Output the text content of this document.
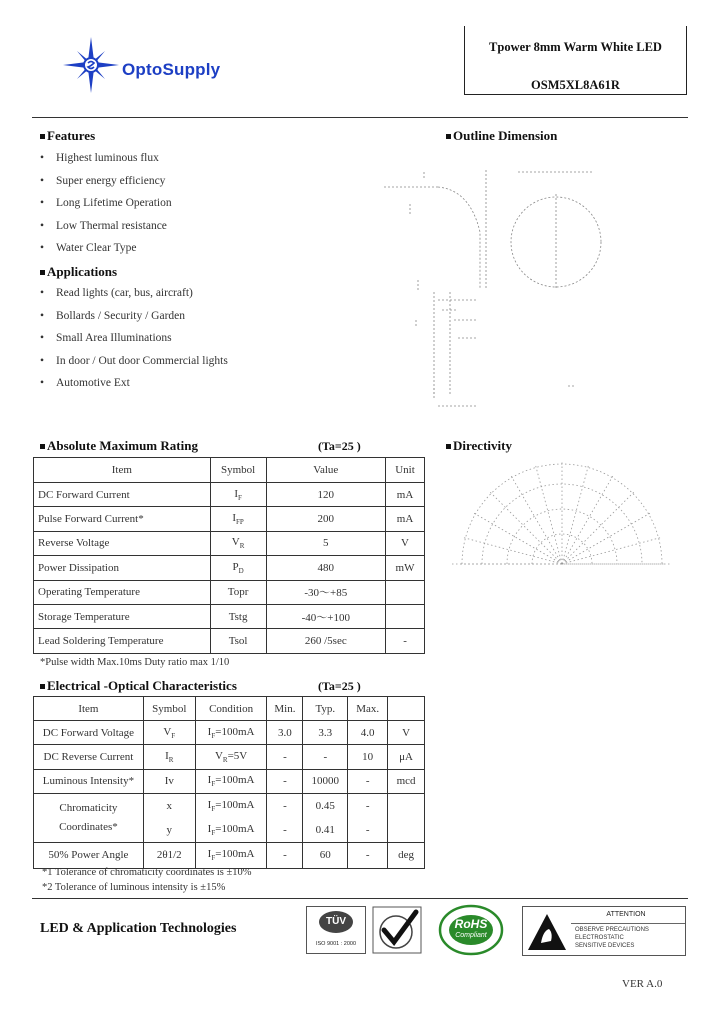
OptoSupply
Tpower 8mm Warm White LED
OSM5XL8A61R
Features
• Highest luminous flux
• Super energy efficiency
• Long Lifetime Operation
• Low Thermal resistance
• Water Clear Type
Applications
• Read lights (car, bus, aircraft)
• Bollards / Security / Garden
• Small Area Illuminations
• In door / Out door Commercial lights
• Automotive Ext
Outline Dimension
Directivity
Absolute Maximum Rating	(Ta=25 )
Item	Symbol	Value	Unit
DC Forward Current	$I_F$	120	mA
Pulse Forward Current*	$I_{FP}$	200	mA
Reverse Voltage	$V_R$	5	V
Power Dissipation	$P_D$	480	mW
Operating Temperature	Topr	-30～+85	
Storage Temperature	Tstg	-40～+100	
Lead Soldering Temperature	Tsol	260 /5sec	-
*Pulse width Max.10ms Duty ratio max 1/10
Electrical -Optical Characteristics	(Ta=25 )
Item	Symbol	Condition	Min.	Typ.	Max.	
DC Forward Voltage	$V_F$	$I_F=100mA$	3.0	3.3	4.0	V
DC Reverse Current	$I_R$	$V_R=5V$	-	-	10	μA
Luminous Intensity*	Iv	$I_F=100mA$	-	10000	-	mcd

Chromaticity
Coordinates*	x	$I_F=100mA$	-	0.45	-	
	y	$I_F=100mA$	-	0.41	-	
50% Power Angle	2θ1/2	$I_F=100mA$	-	60	-	deg
*1 Tolerance of chromaticity coordinates is ±10%
*2 Tolerance of luminous intensity is ±15%
LED & Application Technologies	TÜV
ISO 9001 : 2000
RoHS
Compliant
ATTENTION
OBSERVE PRECAUTIONS
ELECTROSTATIC
SENSITIVE DEVICES
VER A.0
